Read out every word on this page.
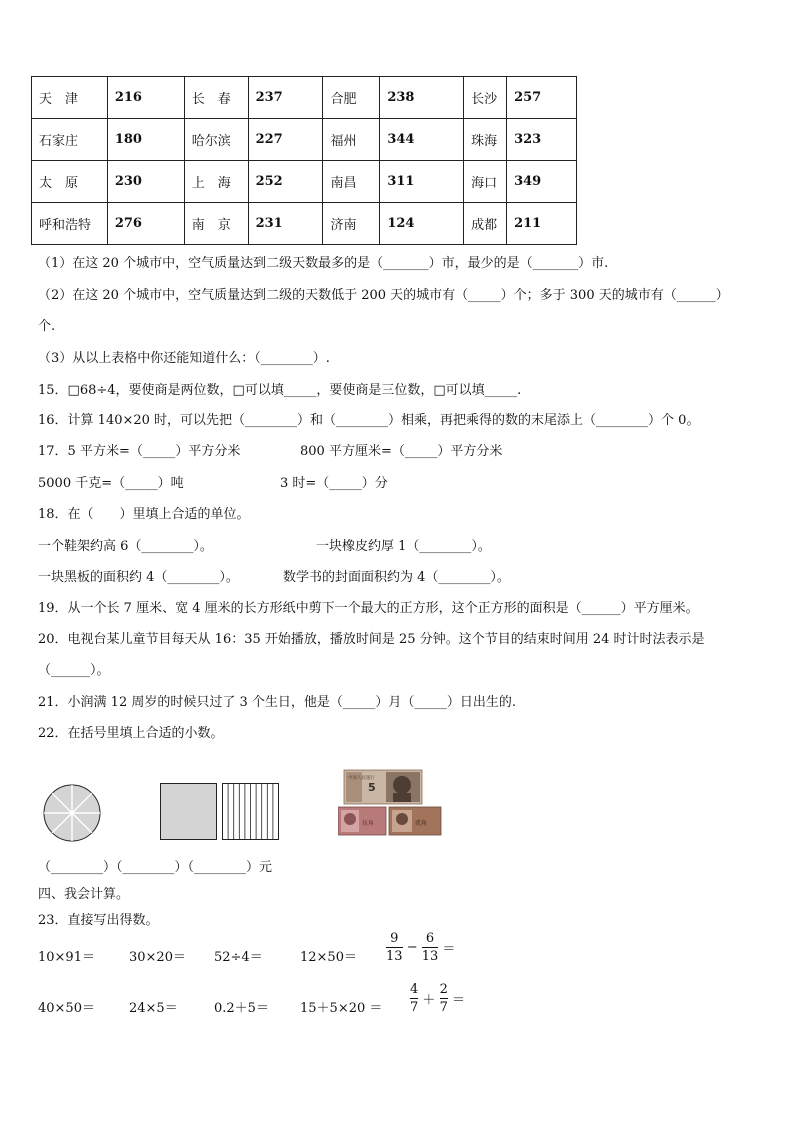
天　津	216	长　春	237	合肥	238	长沙	257
石家庄	180	哈尔滨	227	福州	344	珠海	323
太　原	230	上　海	252	南昌	311	海口	349
呼和浩特	276	南　京	231	济南	124	成都	211
（1）在这 20 个城市中，空气质量达到二级天数最多的是（_______）市，最少的是（_______）市.
（2）在这 20 个城市中，空气质量达到二级的天数低于 200 天的城市有（_____）个；多于 300 天的城市有（______）
个.
（3）从以上表格中你还能知道什么：（________）.
15．□68÷4，要使商是两位数，□可以填_____，要使商是三位数，□可以填_____.
16．计算 140×20 时，可以先把（________）和（________）相乘，再把乘得的数的末尾添上（________）个 0。
17．5 平方米=（_____）平方分米	800 平方厘米=（_____）平方分米
5000 千克=（_____）吨	3 时=（_____）分
18．在（　　）里填上合适的单位。
一个鞋架约高 6（________）。	一块橡皮约厚 1（________）。
一块黑板的面积约 4（________）。	数学书的封面面积约为 4（________）。
19．从一个长 7 厘米、宽 4 厘米的长方形纸中剪下一个最大的正方形，这个正方形的面积是（______）平方厘米。
20．电视台某儿童节目每天从 16：35 开始播放，播放时间是 25 分钟。这个节目的结束时间用 24 时计时法表示是
（______）。
21．小润满 12 周岁的时候只过了 3 个生日，他是（_____）月（_____）日出生的.
22．在括号里填上合适的小数。
5
中国人民银行
伍角	贰角
（________）（________）（________）元
四、我会计算。
23．直接写出得数。
10×91＝	30×20＝ 52÷4＝	$12\times 50= \frac{9}{13} - \frac{6}{13}$ ＝
40×50＝	24×5＝	$0.2+5= 15+5\times 20 = \frac{4}{7} + \frac{2}{7}$ ＝
